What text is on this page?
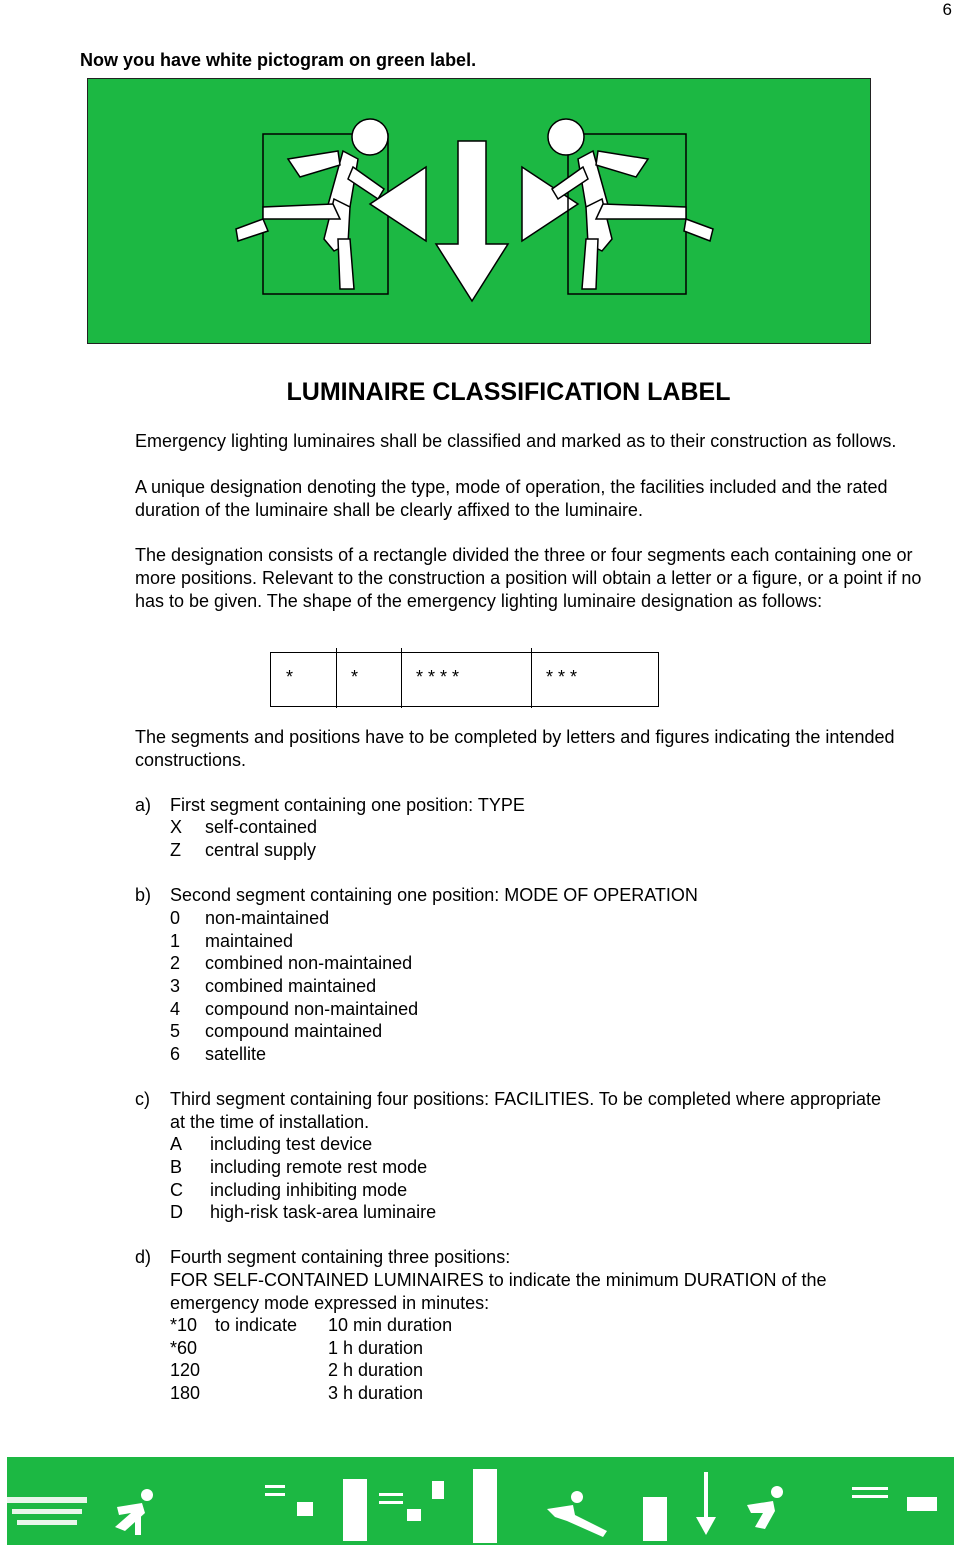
6
Now you have white pictogram on green label.
LUMINAIRE CLASSIFICATION LABEL
Emergency lighting luminaires shall be classified and marked as to their construction as follows.
A unique designation denoting the type, mode of operation, the facilities included and the rated duration of the luminaire shall be clearly affixed to the luminaire.
The designation consists of a rectangle divided the three or four segments each containing one or more positions. Relevant to the construction a position will obtain a letter or a figure, or a point if no has to be given. The shape of the emergency lighting luminaire designation as follows:
*	*	* * * *	* * *
The segments and positions have to be completed by letters and figures indicating the intended constructions.
a) First segment containing one position: TYPE
X self-contained
Z central supply
b) Second segment containing one position: MODE OF OPERATION
0 non-maintained
1 maintained
2 combined non-maintained
3 combined maintained
4 compound non-maintained
5 compound maintained
6 satellite
c) Third segment containing four positions: FACILITIES. To be completed where appropriate
at the time of installation.
A including test device
B including remote rest mode
C including inhibiting mode
D high-risk task-area luminaire
d) Fourth segment containing three positions:
FOR SELF-CONTAINED LUMINAIRES to indicate the minimum DURATION of the
emergency mode expressed in minutes:
*10 to indicate 10 min duration
*60	1 h duration
120	2 h duration
180	3 h duration
